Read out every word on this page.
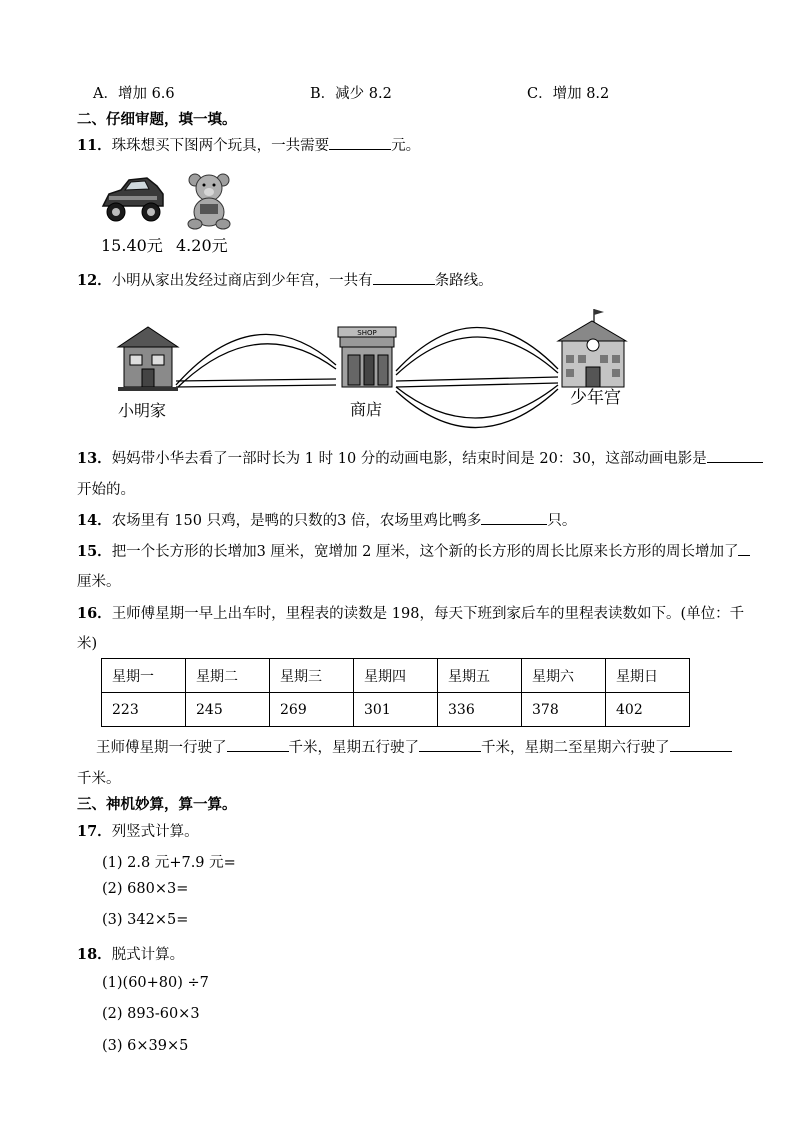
A．增加 6.6	B．减少 8.2	C．增加 8.2
二、仔细审题，填一填。
11．珠珠想买下图两个玩具，一共需要	元。
15.40元 4.20元
12．小明从家出发经过商店到少年宫，一共有	条路线。
SHOP
小明家	商店
少年宫
13．妈妈带小华去看了一部时长为 1 时 10 分的动画电影，结束时间是 20：30，这部动画电影是
开始的。
14．农场里有 150 只鸡，是鸭的只数的3 倍，农场里鸡比鸭多	只。
15．把一个长方形的长增加3 厘米，宽增加 2 厘米，这个新的长方形的周长比原来长方形的周长增加了
厘米。
16．王师傅星期一早上出车时，里程表的读数是 198，每天下班到家后车的里程表读数如下。(单位：千
米)
星期一	星期二	星期三	星期四	星期五	星期六	星期日
223	245	269	301	336	378	402
王师傅星期一行驶了	千米，星期五行驶了	千米，星期二至星期六行驶了
千米。
三、神机妙算，算一算。
17．列竖式计算。
(1) 2.8 元+7.9 元=
(2) 680×3=
(3) 342×5=
18．脱式计算。
(1)(60+80) ÷7
(2) 893-60×3
(3) 6×39×5
